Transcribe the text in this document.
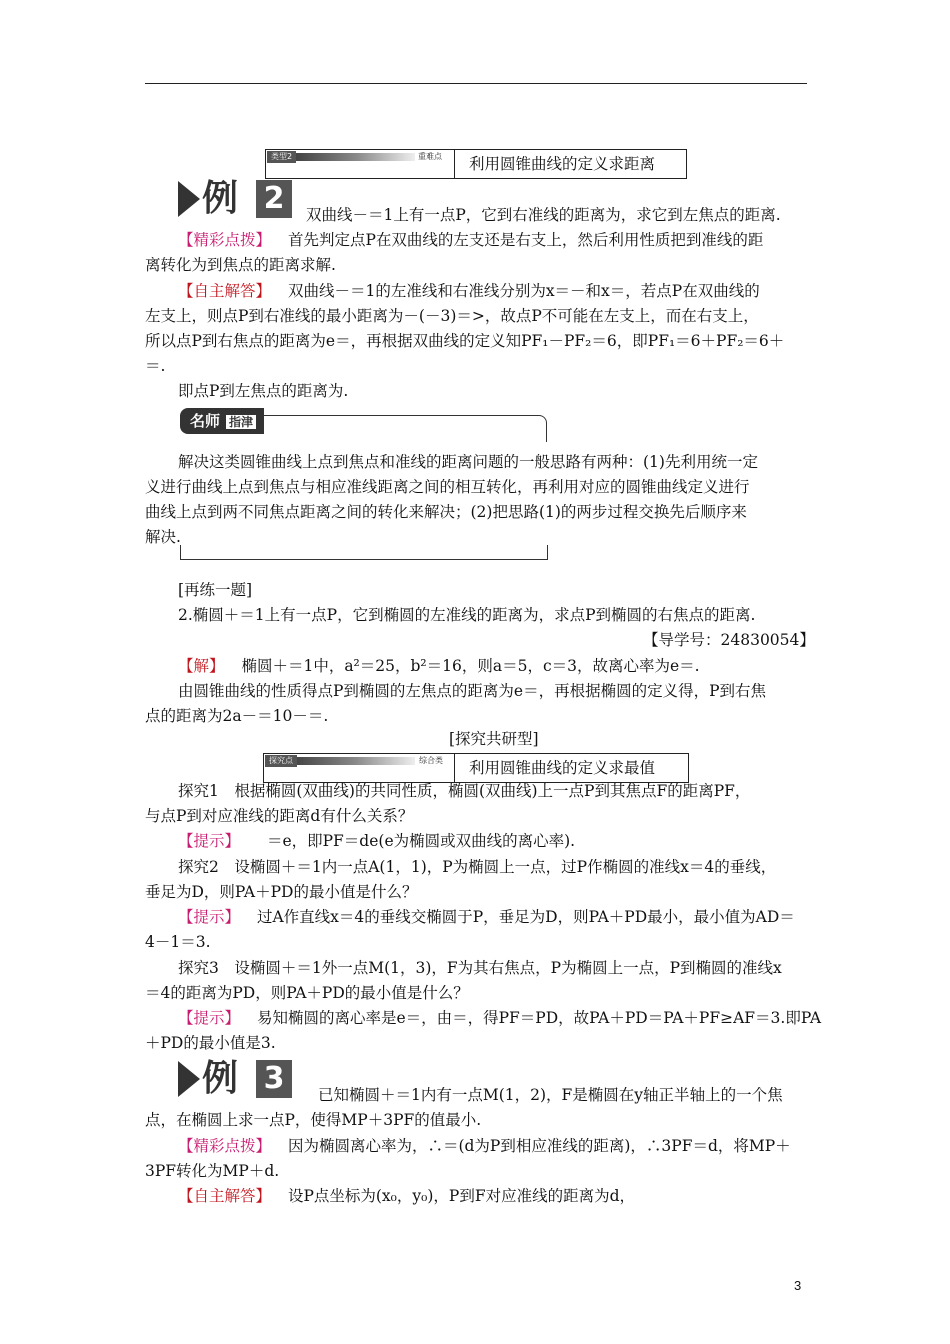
类型2	重难点 利用圆锥曲线的定义求距离
例 2	双曲线－＝1上有一点P，它到右准线的距离为，求它到左焦点的距离.
【精彩点拨】 首先判定点P在双曲线的左支还是右支上，然后利用性质把到准线的距
离转化为到焦点的距离求解.
【自主解答】 双曲线－＝1的左准线和右准线分别为x＝－和x＝，若点P在双曲线的
左支上，则点P到右准线的最小距离为－(－3)＝>，故点P不可能在左支上，而在右支上，
所以点P到右焦点的距离为e＝，再根据双曲线的定义知PF₁－PF₂＝6，即PF₁＝6＋PF₂＝6＋
＝.
即点P到左焦点的距离为.
名师 指津
解决这类圆锥曲线上点到焦点和准线的距离问题的一般思路有两种：(1)先利用统一定
义进行曲线上点到焦点与相应准线距离之间的相互转化，再利用对应的圆锥曲线定义进行
曲线上点到两不同焦点距离之间的转化来解决；(2)把思路(1)的两步过程交换先后顺序来
解决.
[再练一题]
2.椭圆＋＝1上有一点P，它到椭圆的左准线的距离为，求点P到椭圆的右焦点的距离.
【导学号：24830054】
【解】 椭圆＋＝1中，a²＝25，b²＝16，则a＝5，c＝3，故离心率为e＝.
由圆锥曲线的性质得点P到椭圆的左焦点的距离为e＝，再根据椭圆的定义得，P到右焦
点的距离为2a－＝10－＝.
[探究共研型]
探究点	综合类 利用圆锥曲线的定义求最值
探究1　根据椭圆(双曲线)的共同性质，椭圆(双曲线)上一点P到其焦点F的距离PF，
与点P到对应准线的距离d有什么关系？
【提示】 ＝e，即PF＝de(e为椭圆或双曲线的离心率).
探究2　设椭圆＋＝1内一点A(1，1)，P为椭圆上一点，过P作椭圆的准线x＝4的垂线，
垂足为D，则PA＋PD的最小值是什么？
【提示】 过A作直线x＝4的垂线交椭圆于P，垂足为D，则PA＋PD最小，最小值为AD＝
4－1＝3.
探究3　设椭圆＋＝1外一点M(1，3)，F为其右焦点，P为椭圆上一点，P到椭圆的准线x
＝4的距离为PD，则PA＋PD的最小值是什么？
【提示】 易知椭圆的离心率是e＝，由＝，得PF＝PD，故PA＋PD＝PA＋PF≥AF＝3.即PA
＋PD的最小值是3.
例 3	已知椭圆＋＝1内有一点M(1，2)，F是椭圆在y轴正半轴上的一个焦
点，在椭圆上求一点P，使得MP＋3PF的值最小.
【精彩点拨】 因为椭圆离心率为，∴＝(d为P到相应准线的距离)，∴3PF＝d，将MP＋
3PF转化为MP＋d.
【自主解答】 设P点坐标为(x₀，y₀)，P到F对应准线的距离为d，
3
